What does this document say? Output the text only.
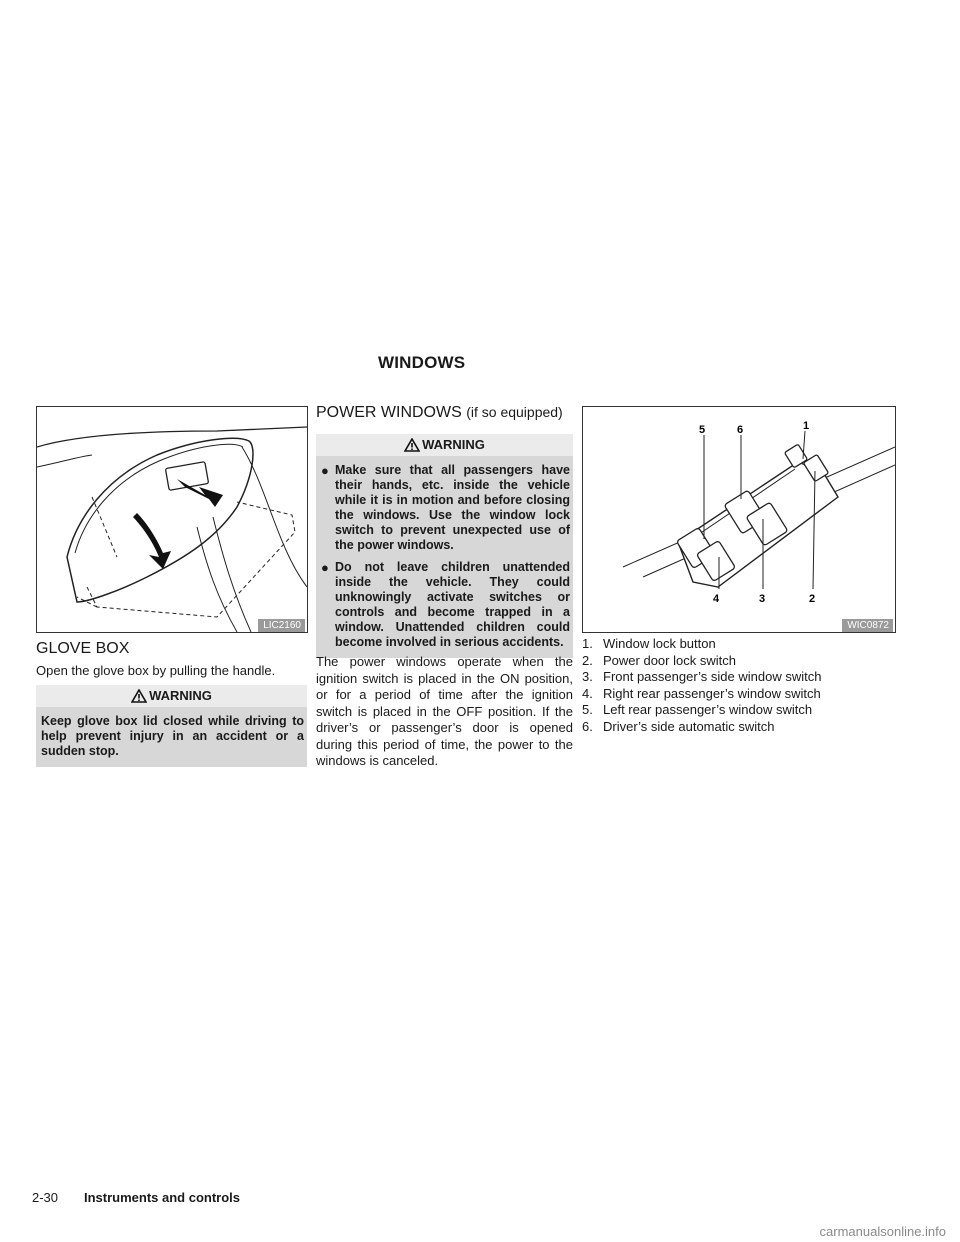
WINDOWS
LIC2160
GLOVE BOX
Open the glove box by pulling the handle.
WARNING
Keep glove box lid closed while driving to help prevent injury in an accident or a sudden stop.
POWER WINDOWS (if so equipped)
WARNING
● Make sure that all passengers have their hands, etc. inside the vehicle while it is in motion and before closing the windows. Use the window lock switch to prevent unexpected use of the power windows.
● Do not leave children unattended inside the vehicle. They could unknowingly activate switches or controls and become trapped in a window. Unattended children could become involved in serious accidents.
The power windows operate when the ignition switch is placed in the ON position, or for a period of time after the ignition switch is placed in the OFF position. If the driver’s or passenger’s door is opened during this period of time, the power to the windows is canceled.
5	6	1
4	3	2
WIC0872
1. Window lock button
2. Power door lock switch
3. Front passenger’s side window switch
4. Right rear passenger’s window switch
5. Left rear passenger’s window switch
6. Driver’s side automatic switch
2-30 Instruments and controls
carmanualsonline.info
